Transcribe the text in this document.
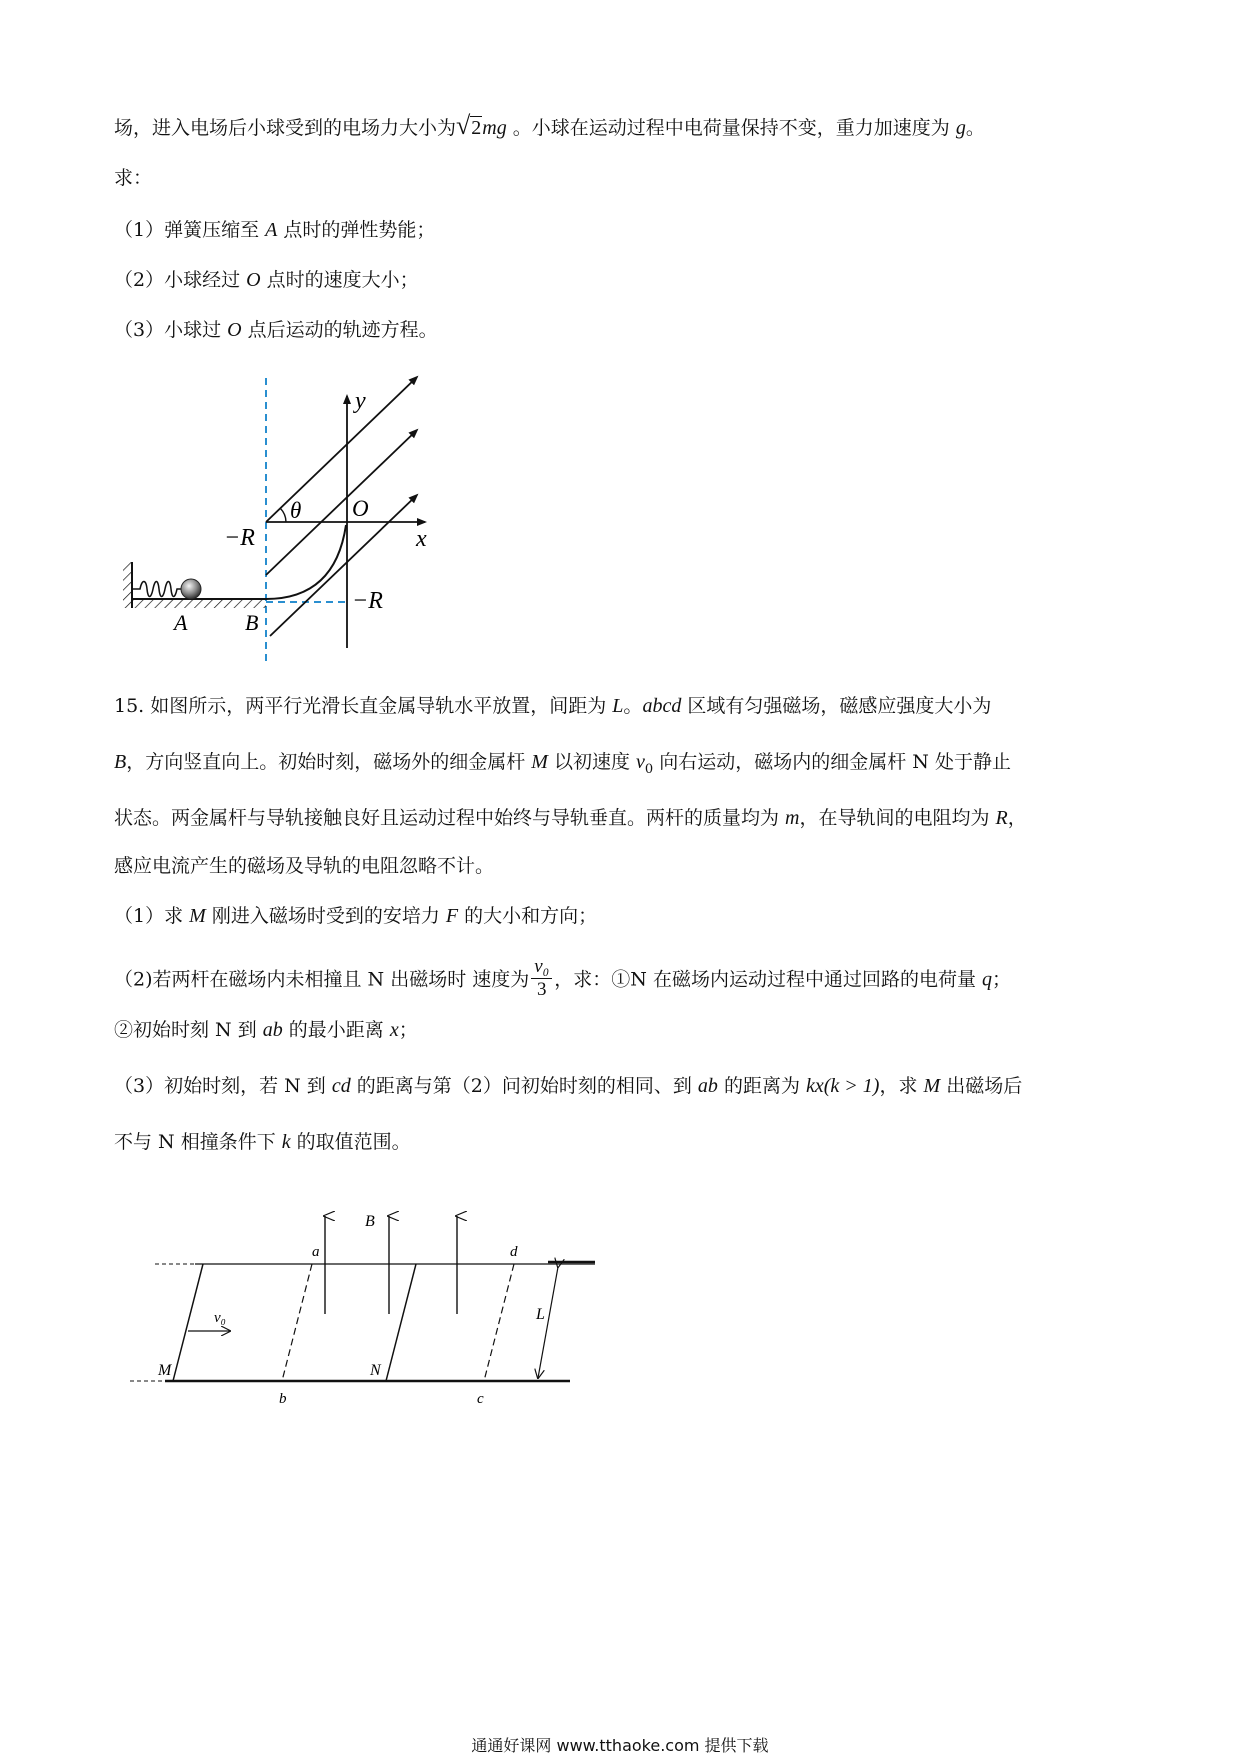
场，进入电场后小球受到的电场力大小为√2mg 。小球在运动过程中电荷量保持不变，重力加速度为 g。
求：
（1）弹簧压缩至 A 点时的弹性势能；
（2）小球经过 O 点时的速度大小；
（3）小球过 O 点后运动的轨迹方程。
y
x
θ O
−R
−R
A	B
15. 如图所示，两平行光滑长直金属导轨水平放置，间距为 L。abcd 区域有匀强磁场，磁感应强度大小为
B，方向竖直向上。初始时刻，磁场外的细金属杆 M 以初速度 $v_0$ 向右运动，磁场内的细金属杆 N 处于静止
状态。两金属杆与导轨接触良好且运动过程中始终与导轨垂直。两杆的质量均为 m，在导轨间的电阻均为 R，
感应电流产生的磁场及导轨的电阻忽略不计。
（1）求 M 刚进入磁场时受到的安培力 F 的大小和方向；
（2)若两杆在磁场内未相撞且 N 出磁场时 速度为 $\frac{\text{v₀}}{3}$ ，求：①N 在磁场内运动过程中通过回路的电荷量 q；
②初始时刻 N 到 ab 的最小距离 x；
（3）初始时刻，若 N 到 cd 的距离与第（2）问初始时刻的相同、到 ab 的距离为 kx(k > 1)，求 M 出磁场后
不与 N 相撞条件下 k 的取值范围。
B
a	d
b	c
M	N
L
v₀
通通好课网 www.tthaoke.com 提供下载
